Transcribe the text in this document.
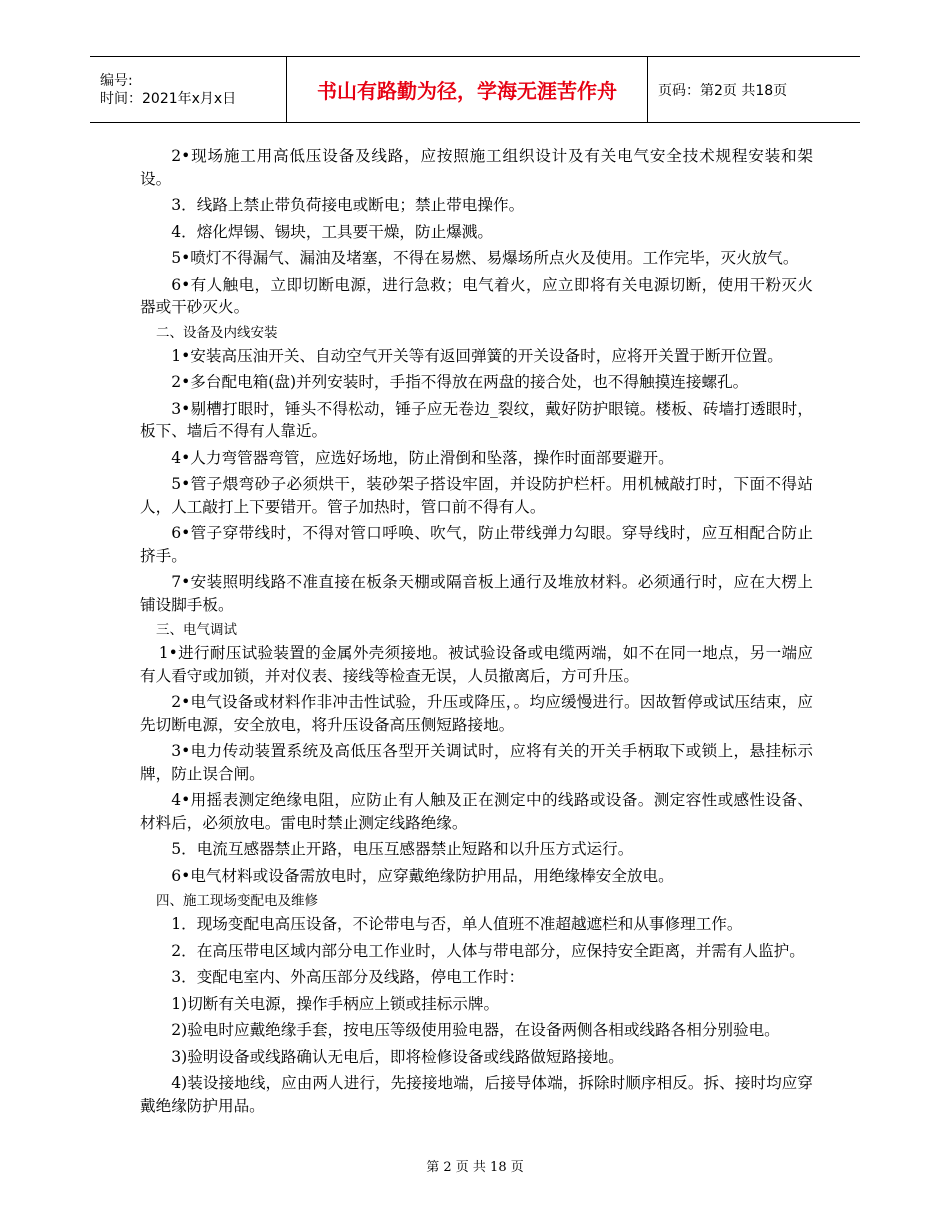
编号:
时间：2021年x月x日	书山有路勤为径，学海无涯苦作舟	页码：第2页 共18页

2•现场施工用高低压设备及线路，应按照施工组织设计及有关电气安全技术规程安装和架设。

3．线路上禁止带负荷接电或断电；禁止带电操作。

4．熔化焊锡、锡块，工具要干燥，防止爆溅。

5•喷灯不得漏气、漏油及堵塞，不得在易燃、易爆场所点火及使用。工作完毕，灭火放气。

6•有人触电，立即切断电源，进行急救；电气着火，应立即将有关电源切断，使用干粉灭火器或干砂灭火。

二、设备及内线安装

1•安装高压油开关、自动空气开关等有返回弹簧的开关设备时，应将开关置于断开位置。

2•多台配电箱(盘)并列安装时，手指不得放在两盘的接合处，也不得触摸连接螺孔。

3•剔槽打眼时，锤头不得松动，锤子应无卷边_裂纹，戴好防护眼镜。楼板、砖墙打透眼时，板下、墙后不得有人靠近。

4•人力弯管器弯管，应选好场地，防止滑倒和坠落，操作时面部要避开。

5•管子煨弯砂子必须烘干，装砂架子搭设牢固，并设防护栏杆。用机械敲打时，下面不得站人，人工敲打上下要错开。管子加热时，管口前不得有人。

6•管子穿带线时，不得对管口呼唤、吹气，防止带线弹力勾眼。穿导线时，应互相配合防止挤手。

7•安装照明线路不准直接在板条天棚或隔音板上通行及堆放材料。必须通行时，应在大楞上铺设脚手板。

三、电气调试

1•进行耐压试验装置的金属外壳须接地。被试验设备或电缆两端，如不在同一地点，另一端应有人看守或加锁，并对仪表、接线等检查无误，人员撤离后，方可升压。

2•电气设备或材料作非冲击性试验，升压或降压，。均应缓慢进行。因故暂停或试压结束，应先切断电源，安全放电，将升压设备高压侧短路接地。

3•电力传动装置系统及高低压各型开关调试时，应将有关的开关手柄取下或锁上，悬挂标示牌，防止误合闸。

4•用摇表测定绝缘电阻，应防止有人触及正在测定中的线路或设备。测定容性或感性设备、材料后，必须放电。雷电时禁止测定线路绝缘。

5．电流互感器禁止开路，电压互感器禁止短路和以升压方式运行。

6•电气材料或设备需放电时，应穿戴绝缘防护用品，用绝缘棒安全放电。

四、施工现场变配电及维修

1．现场变配电高压设备，不论带电与否，单人值班不准超越遮栏和从事修理工作。

2．在高压带电区域内部分电工作业时，人体与带电部分，应保持安全距离，并需有人监护。

3．变配电室内、外高压部分及线路，停电工作时：

1)切断有关电源，操作手柄应上锁或挂标示牌。

2)验电时应戴绝缘手套，按电压等级使用验电器，在设备两侧各相或线路各相分别验电。

3)验明设备或线路确认无电后，即将检修设备或线路做短路接地。

4)装设接地线，应由两人进行，先接接地端，后接导体端，拆除时顺序相反。拆、接时均应穿戴绝缘防护用品。

第 2 页 共 18 页
